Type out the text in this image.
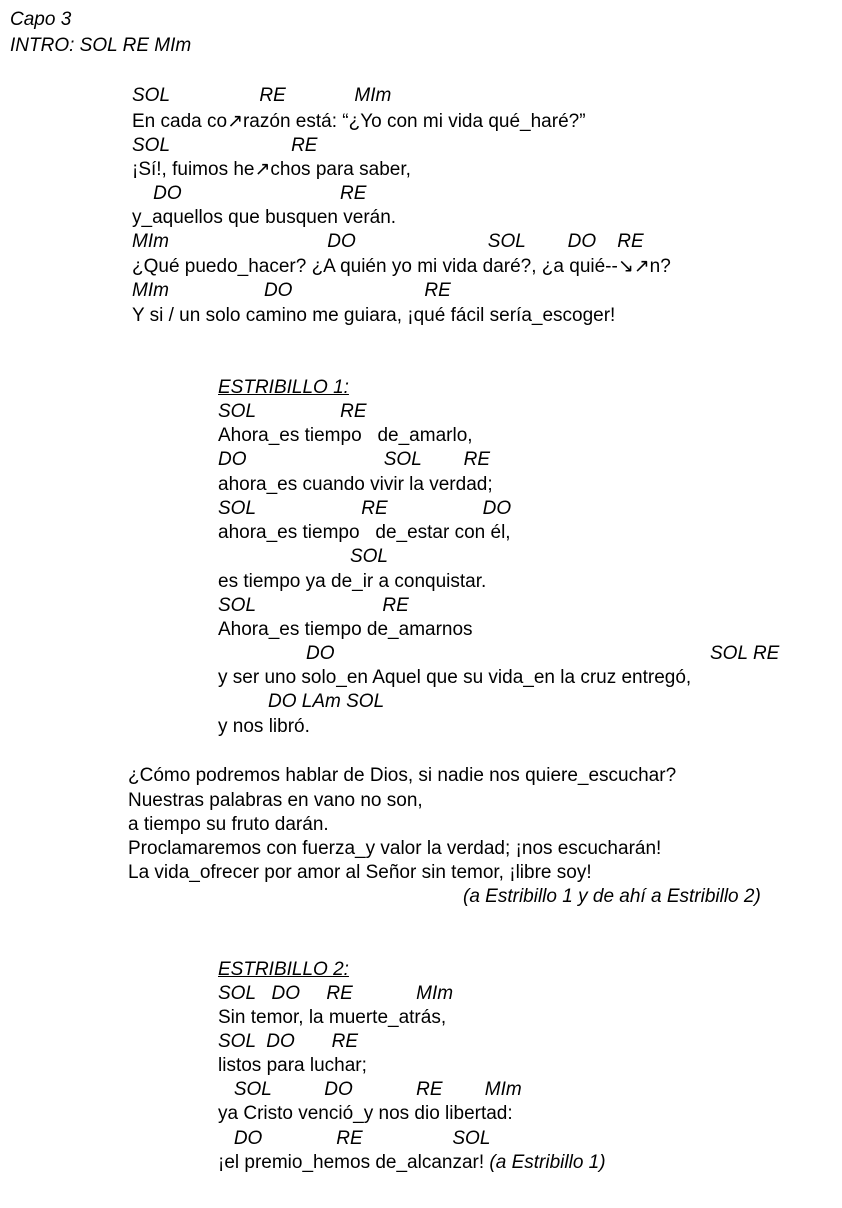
Capo 3
INTRO: SOL RE MIm
SOL                 RE             MIm
En cada co↗razón está: “¿Yo con mi vida qué_haré?”
SOL                       RE
¡Sí!, fuimos he↗chos para saber,
DO                              RE
y_aquellos que busquen verán.
MIm                              DO                         SOL        DO    RE
¿Qué puedo_hacer? ¿A quién yo mi vida daré?, ¿a quié--↘↗n?
MIm                  DO                         RE
Y si / un solo camino me guiara, ¡qué fácil sería_escoger!
ESTRIBILLO 1:
SOL                RE
Ahora_es tiempo   de_amarlo,
DO                          SOL        RE
ahora_es cuando vivir la verdad;
SOL                    RE                  DO
ahora_es tiempo   de_estar con él,
SOL
es tiempo ya de_ir a conquistar.
SOL                        RE
Ahora_es tiempo de_amarnos
DO	SOL RE
y ser uno solo_en Aquel que su vida_en la cruz entregó,
DO LAm SOL
y nos libró.
¿Cómo podremos hablar de Dios, si nadie nos quiere_escuchar?
Nuestras palabras en vano no son,
a tiempo su fruto darán.
Proclamaremos con fuerza_y valor la verdad; ¡nos escucharán!
La vida_ofrecer por amor al Señor sin temor, ¡libre soy!
(a Estribillo 1 y de ahí a Estribillo 2)
ESTRIBILLO 2:
SOL   DO     RE            MIm
Sin temor, la muerte_atrás,
SOL  DO       RE
listos para luchar;
SOL          DO            RE        MIm
ya Cristo venció_y nos dio libertad:
DO              RE                 SOL
¡el premio_hemos de_alcanzar! (a Estribillo 1)
